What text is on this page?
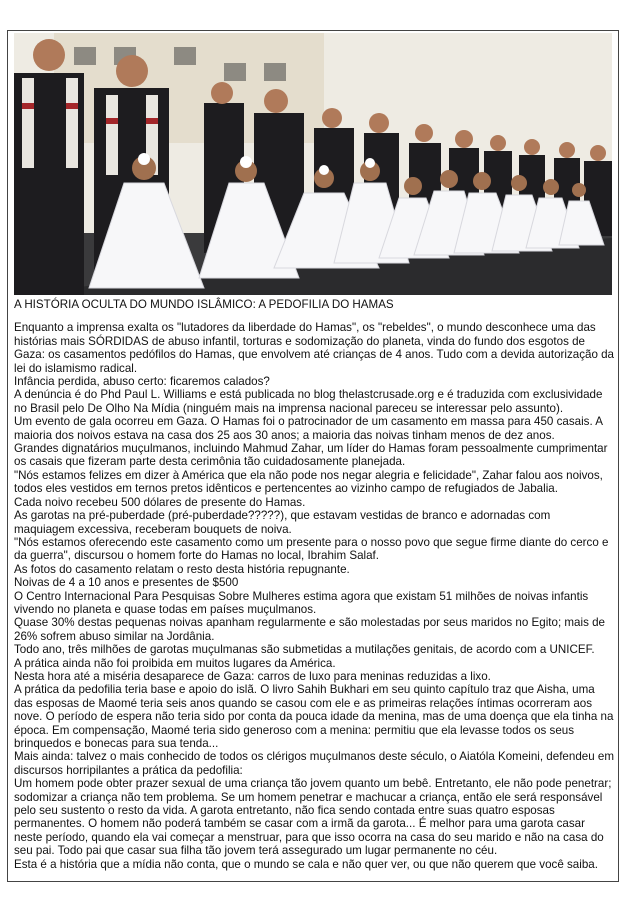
A HISTÓRIA OCULTA DO MUNDO ISLÂMICO: A PEDOFILIA DO HAMAS

Enquanto a imprensa exalta os "lutadores da liberdade do Hamas", os "rebeldes", o mundo desconhece uma das histórias mais SÓRDIDAS de abuso infantil, torturas e sodomização do planeta, vinda do fundo dos esgotos de Gaza: os casamentos pedófilos do Hamas, que envolvem até crianças de 4 anos. Tudo com a devida autorização da lei do islamismo radical.

Infância perdida, abuso certo: ficaremos calados?

A denúncia é do Phd Paul L. Williams e está publicada no blog thelastcrusade.org e é traduzida com exclusividade no Brasil pelo De Olho Na Mídia (ninguém mais na imprensa nacional pareceu se interessar pelo assunto).

Um evento de gala ocorreu em Gaza. O Hamas foi o patrocinador de um casamento em massa para 450 casais. A maioria dos noivos estava na casa dos 25 aos 30 anos; a maioria das noivas tinham menos de dez anos.

Grandes dignatários muçulmanos, incluindo Mahmud Zahar, um líder do Hamas foram pessoalmente cumprimentar os casais que fizeram parte desta cerimônia tão cuidadosamente planejada.

"Nós estamos felizes em dizer à América que ela não pode nos negar alegria e felicidade", Zahar falou aos noivos, todos eles vestidos em ternos pretos idênticos e pertencentes ao vizinho campo de refugiados de Jabalia.

Cada noivo recebeu 500 dólares de presente do Hamas.

As garotas na pré-puberdade (pré-puberdade?????), que estavam vestidas de branco e adornadas com maquiagem excessiva, receberam bouquets de noiva.

"Nós estamos oferecendo este casamento como um presente para o nosso povo que segue firme diante do cerco e da guerra", discursou o homem forte do Hamas no local, Ibrahim Salaf.

As fotos do casamento relatam o resto desta história repugnante.

Noivas de 4 a 10 anos e presentes de $500

O Centro Internacional Para Pesquisas Sobre Mulheres estima agora que existam 51 milhões de noivas infantis vivendo no planeta e quase todas em países muçulmanos.

Quase 30% destas pequenas noivas apanham regularmente e são molestadas por seus maridos no Egito; mais de 26% sofrem abuso similar na Jordânia.

Todo ano, três milhões de garotas muçulmanas são submetidas a mutilações genitais, de acordo com a UNICEF.

A prática ainda não foi proibida em muitos lugares da América.

Nesta hora até a miséria desaparece de Gaza: carros de luxo para meninas reduzidas a lixo.

A prática da pedofilia teria base e apoio do islã. O livro Sahih Bukhari em seu quinto capítulo traz que Aisha, uma das esposas de Maomé teria seis anos quando se casou com ele e as primeiras relações íntimas ocorreram aos nove. O período de espera não teria sido por conta da pouca idade da menina, mas de uma doença que ela tinha na época. Em compensação, Maomé teria sido generoso com a menina: permitiu que ela levasse todos os seus brinquedos e bonecas para sua tenda...

Mais ainda: talvez o mais conhecido de todos os clérigos muçulmanos deste século, o Aiatóla Komeini, defendeu em discursos horripilantes a prática da pedofilia:

Um homem pode obter prazer sexual de uma criança tão jovem quanto um bebê. Entretanto, ele não pode penetrar; sodomizar a criança não tem problema. Se um homem penetrar e machucar a criança, então ele será responsável pelo seu sustento o resto da vida. A garota entretanto, não fica sendo contada entre suas quatro esposas permanentes. O homem não poderá também se casar com a irmã da garota... É melhor para uma garota casar neste período, quando ela vai começar a menstruar, para que isso ocorra na casa do seu marido e não na casa do seu pai. Todo pai que casar sua filha tão jovem terá assegurado um lugar permanente no céu.

Esta é a história que a mídia não conta, que o mundo se cala e não quer ver, ou que não querem que você saiba.
